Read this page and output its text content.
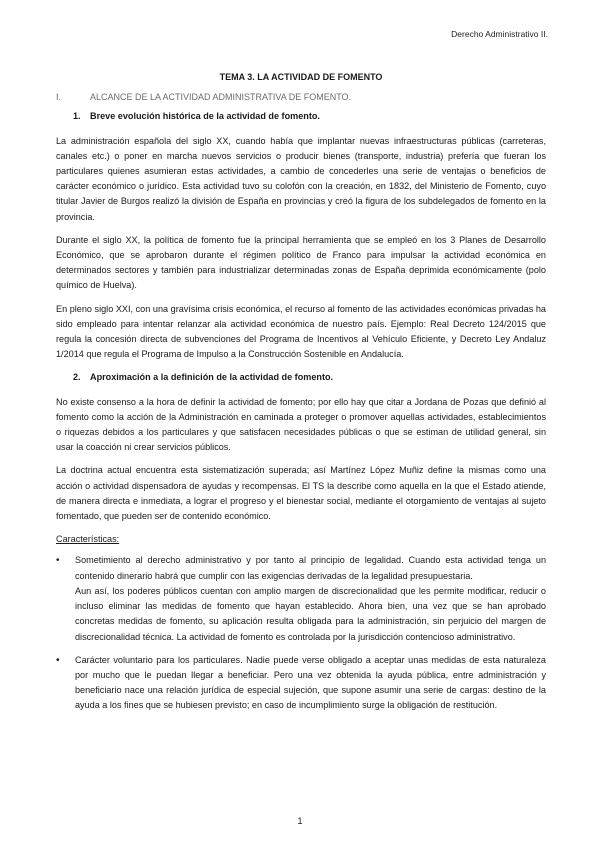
Derecho Administrativo II.
TEMA 3. LA ACTIVIDAD DE FOMENTO
I.	ALCANCE DE LA ACTIVIDAD ADMINISTRATIVA DE FOMENTO.
1.	Breve evolución histórica de la actividad de fomento.

La administración española del siglo XX, cuando había que implantar nuevas infraestructuras públicas (carreteras, canales etc.) o poner en marcha nuevos servicios o producir bienes (transporte, industria) prefería que fueran los particulares quienes asumieran estas actividades, a cambio de concederles una serie de ventajas o beneficios de carácter económico o jurídico. Esta actividad tuvo su colofón con la creación, en 1832, del Ministerio de Fomento, cuyo titular Javier de Burgos realizó la división de España en provincias y creó la figura de los subdelegados de fomento en la provincia.

Durante el siglo XX, la política de fomento fue la principal herramienta que se empleó en los 3 Planes de Desarrollo Económico, que se aprobaron durante el régimen político de Franco para impulsar la actividad económica en determinados sectores y también para industrializar determinadas zonas de España deprimida económicamente (polo químico de Huelva).

En pleno siglo XXI, con una gravísima crisis económica, el recurso al fomento de las actividades económicas privadas ha sido empleado para intentar relanzar ala actividad económica de nuestro país. Ejemplo: Real Decreto 124/2015 que regula la concesión directa de subvenciones del Programa de Incentivos al Vehículo Eficiente, y Decreto Ley Andaluz 1/2014 que regula el Programa de Impulso a la Construcción Sostenible en Andalucía.

2.	Aproximación a la definición de la actividad de fomento.

No existe consenso a la hora de definir la actividad de fomento; por ello hay que citar a Jordana de Pozas que definió al fomento como la acción de la Administración en caminada a proteger o promover aquellas actividades, establecimientos o riquezas debidos a los particulares y que satisfacen necesidades públicas o que se estiman de utilidad general, sin usar la coacción ni crear servicios públicos.

La doctrina actual encuentra esta sistematización superada; así Martínez López Muñiz define la mismas como una acción o actividad dispensadora de ayudas y recompensas. El TS la describe como aquella en la que el Estado atiende, de manera directa e inmediata, a lograr el progreso y el bienestar social, mediante el otorgamiento de ventajas al sujeto fomentado, que pueden ser de contenido económico.

Características:
• Sometimiento al derecho administrativo y por tanto al principio de legalidad. Cuando esta actividad tenga un contenido dinerario habrá que cumplir con las exigencias derivadas de la legalidad presupuestaria.

Aun así, los poderes públicos cuentan con amplio margen de discrecionalidad que les permite modificar, reducir o incluso eliminar las medidas de fomento que hayan establecido. Ahora bien, una vez que se han aprobado concretas medidas de fomento, su aplicación resulta obligada para la administración, sin perjuicio del margen de discrecionalidad técnica. La actividad de fomento es controlada por la jurisdicción contencioso administrativo.

• Carácter voluntario para los particulares. Nadie puede verse obligado a aceptar unas medidas de esta naturaleza por mucho que le puedan llegar a beneficiar. Pero una vez obtenida la ayuda pública, entre administración y beneficiario nace una relación jurídica de especial sujeción, que supone asumir una serie de cargas: destino de la ayuda a los fines que se hubiesen previsto; en caso de incumplimiento surge la obligación de restitución.

1
